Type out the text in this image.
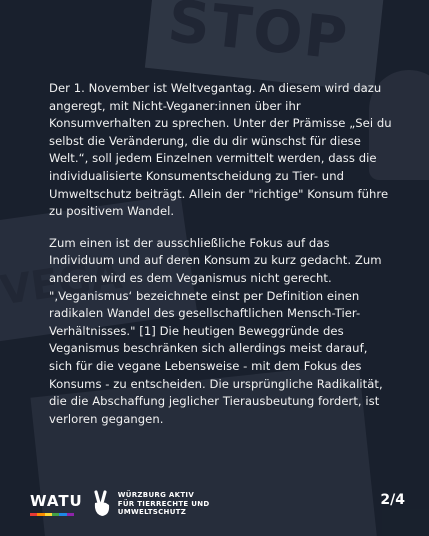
Der 1. November ist Weltvegantag. An diesem wird dazu angeregt, mit Nicht-Veganer:innen über ihr Konsumverhalten zu sprechen. Unter der Prämisse „Sei du selbst die Veränderung, die du dir wünschst für diese Welt.“, soll jedem Einzelnen vermittelt werden, dass die individualisierte Konsumentscheidung zu Tier- und Umweltschutz beiträgt. Allein der "richtige" Konsum führe zu positivem Wandel.

Zum einen ist der ausschließliche Fokus auf das Individuum und auf deren Konsum zu kurz gedacht. Zum anderen wird es dem Veganismus nicht gerecht. "‚Veganismus‘ bezeichnete einst per Definition einen radikalen Wandel des gesellschaftlichen Mensch-Tier-Verhältnisses." [1] Die heutigen Beweggründe des Veganismus beschränken sich allerdings meist darauf, sich für die vegane Lebensweise - mit dem Fokus des Konsums - zu entscheiden. Die ursprüngliche Radikalität, die die Abschaffung jeglicher Tierausbeutung fordert, ist verloren gegangen.

WATU	WÜRZBURG AKTIV
FÜR TIERRECHTE UND
UMWELTSCHUTZ
2/4
